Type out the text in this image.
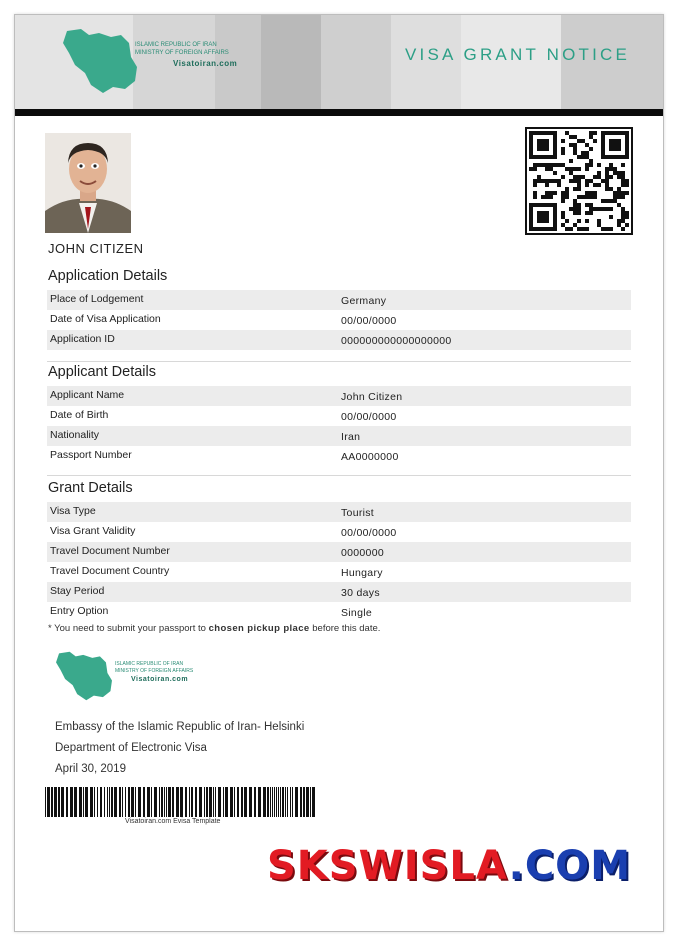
ISLAMIC REPUBLIC OF IRAN
MINISTRY OF FOREIGN AFFAIRS
Visatoiran.com	VISA GRANT NOTICE
JOHN CITIZEN
Application Details
Place of Lodgement	Germany
Date of Visa Application	00/00/0000
Application ID	000000000000000000
Applicant Details
Applicant Name	John Citizen
Date of Birth	00/00/0000
Nationality	Iran
Passport Number	AA0000000
Grant Details
Visa Type	Tourist
Visa Grant Validity	00/00/0000
Travel Document Number	0000000
Travel Document Country	Hungary
Stay Period	30 days
Entry Option	Single
* You need to submit your passport to chosen pickup place before this date.
ISLAMIC REPUBLIC OF IRAN
MINISTRY OF FOREIGN AFFAIRS
Visatoiran.com
Embassy of the Islamic Republic of Iran- Helsinki
Department of Electronic Visa
April 30, 2019
Visatoiran.com Evisa Template
SKSWISLA.COM
